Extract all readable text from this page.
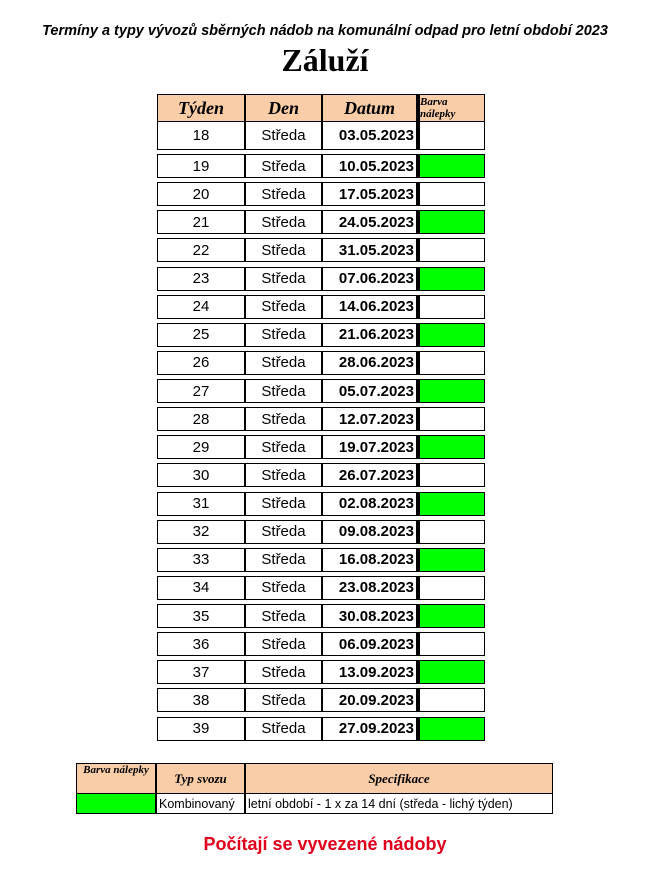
Termíny a typy vývozů sběrných nádob na komunální odpad pro letní období 2023
Záluží
Týden	Den	Datum	Barva nálepky
18	Středa	03.05.2023
19	Středa	10.05.2023
20	Středa	17.05.2023
21	Středa	24.05.2023
22	Středa	31.05.2023
23	Středa	07.06.2023
24	Středa	14.06.2023
25	Středa	21.06.2023
26	Středa	28.06.2023
27	Středa	05.07.2023
28	Středa	12.07.2023
29	Středa	19.07.2023
30	Středa	26.07.2023
31	Středa	02.08.2023
32	Středa	09.08.2023
33	Středa	16.08.2023
34	Středa	23.08.2023
35	Středa	30.08.2023
36	Středa	06.09.2023
37	Středa	13.09.2023
38	Středa	20.09.2023
39	Středa	27.09.2023
Barva nálepky
Typ svozu	Specifikace
Kombinovaný	letní období - 1 x za 14 dní (středa - lichý týden)
Počítají se vyvezené nádoby
